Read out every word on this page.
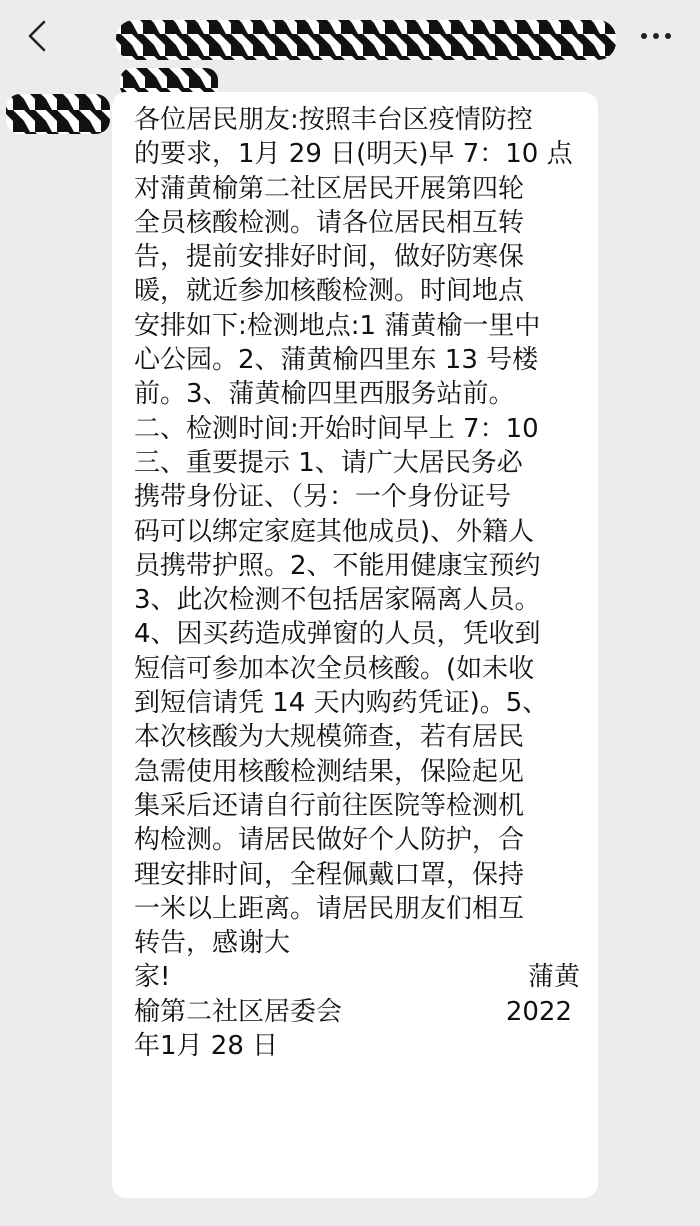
各位居民朋友:按照丰台区疫情防控
的要求，1月 29 日(明天)早 7：10 点
对蒲黄榆第二社区居民开展第四轮
全员核酸检测。请各位居民相互转
告，提前安排好时间，做好防寒保
暖，就近参加核酸检测。时间地点
安排如下:检测地点:1 蒲黄榆一里中
心公园。2、蒲黄榆四里东 13 号楼
前。3、蒲黄榆四里西服务站前。
二、检测时间:开始时间早上 7：10
三、重要提示 1、请广大居民务必
携带身份证、（另：一个身份证号
码可以绑定家庭其他成员)、外籍人
员携带护照。2、不能用健康宝预约
3、此次检测不包括居家隔离人员。
4、因买药造成弹窗的人员，凭收到
短信可参加本次全员核酸。(如未收
到短信请凭 14 天内购药凭证)。5、
本次核酸为大规模筛查，若有居民
急需使用核酸检测结果，保险起见
集采后还请自行前往医院等检测机
构检测。请居民做好个人防护，合
理安排时间，全程佩戴口罩，保持
一米以上距离。请居民朋友们相互
转告，感谢大
家!	蒲黄
榆第二社区居委会	2022
年1月 28 日
